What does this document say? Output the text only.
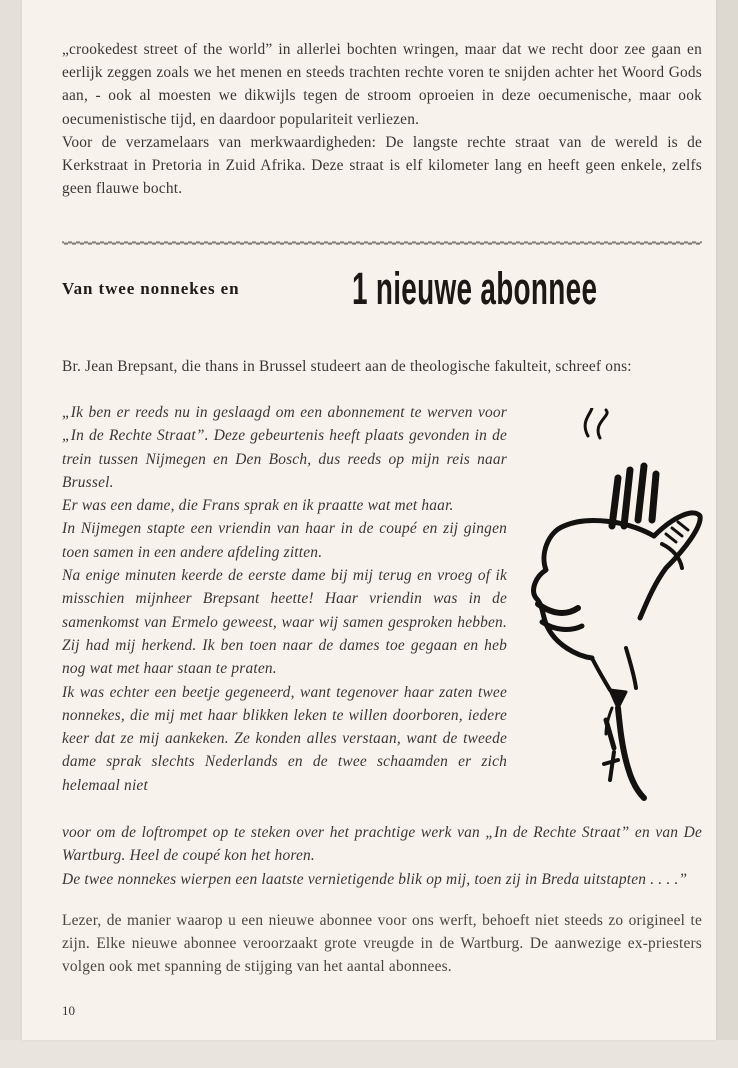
„crookedest street of the world” in allerlei bochten wringen, maar dat we recht door zee gaan en eerlijk zeggen zoals we het menen en steeds trachten rechte voren te snijden achter het Woord Gods aan, - ook al moesten we dikwijls tegen de stroom oproeien in deze oecumenische, maar ook oecumenistische tijd, en daardoor populariteit verliezen.

Voor de verzamelaars van merkwaardigheden: De langste rechte straat van de wereld is de Kerkstraat in Pretoria in Zuid Afrika. Deze straat is elf kilometer lang en heeft geen enkele, zelfs geen flauwe bocht.

Van twee nonnekes en	1 nieuwe abonnee

Br. Jean Brepsant, die thans in Brussel studeert aan de theologische fakulteit, schreef ons:

„Ik ben er reeds nu in geslaagd om een abonnement te werven voor „In de Rechte Straat”. Deze gebeurtenis heeft plaats gevonden in de trein tussen Nijmegen en Den Bosch, dus reeds op mijn reis naar Brussel.

Er was een dame, die Frans sprak en ik praatte wat met haar.

In Nijmegen stapte een vriendin van haar in de coupé en zij gingen toen samen in een andere afdeling zitten.

Na enige minuten keerde de eerste dame bij mij terug en vroeg of ik misschien mijnheer Brepsant heette! Haar vriendin was in de samenkomst van Ermelo geweest, waar wij samen gesproken hebben. Zij had mij herkend. Ik ben toen naar de dames toe gegaan en heb nog wat met haar staan te praten.

Ik was echter een beetje gegeneerd, want tegenover haar zaten twee nonnekes, die mij met haar blikken leken te willen doorboren, iedere keer dat ze mij aankeken. Ze konden alles verstaan, want de tweede dame sprak slechts Nederlands en de twee schaamden er zich helemaal niet

voor om de loftrompet op te steken over het prachtige werk van „In de Rechte Straat” en van De Wartburg. Heel de coupé kon het horen.

De twee nonnekes wierpen een laatste vernietigende blik op mij, toen zij in Breda uitstapten . . . .”

Lezer, de manier waarop u een nieuwe abonnee voor ons werft, behoeft niet steeds zo origineel te zijn. Elke nieuwe abonnee veroorzaakt grote vreugde in de Wartburg. De aanwezige ex-priesters volgen ook met spanning de stijging van het aantal abonnees.

10
